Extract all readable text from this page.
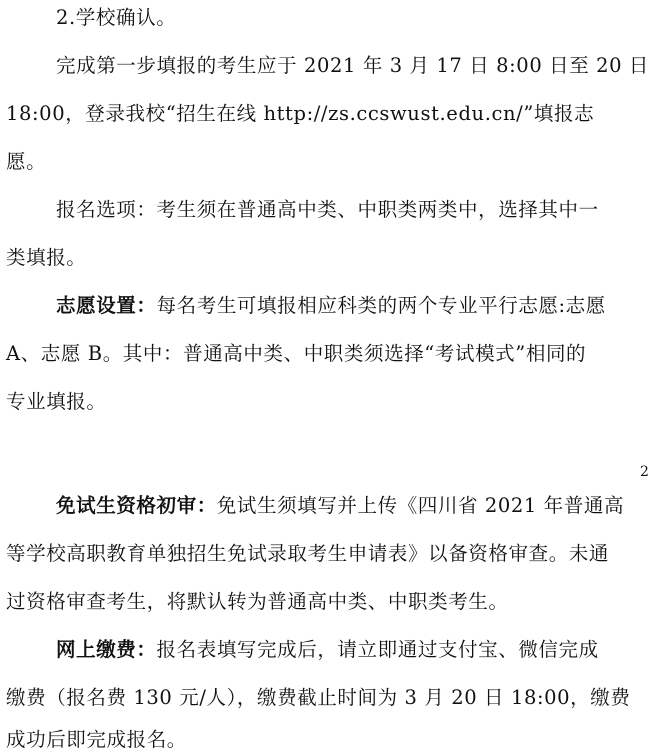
2.学校确认。
完成第一步填报的考生应于 2021 年 3 月 17 日 8:00 日至 20 日
18:00，登录我校“招生在线 http://zs.ccswust.edu.cn/”填报志
愿。
报名选项：考生须在普通高中类、中职类两类中，选择其中一
类填报。
志愿设置：每名考生可填报相应科类的两个专业平行志愿:志愿
A、志愿 B。其中：普通高中类、中职类须选择“考试模式”相同的
专业填报。
2
免试生资格初审：免试生须填写并上传《四川省 2021 年普通高
等学校高职教育单独招生免试录取考生申请表》以备资格审查。未通
过资格审查考生，将默认转为普通高中类、中职类考生。
网上缴费：报名表填写完成后，请立即通过支付宝、微信完成
缴费（报名费 130 元/人），缴费截止时间为 3 月 20 日 18:00，缴费
成功后即完成报名。
